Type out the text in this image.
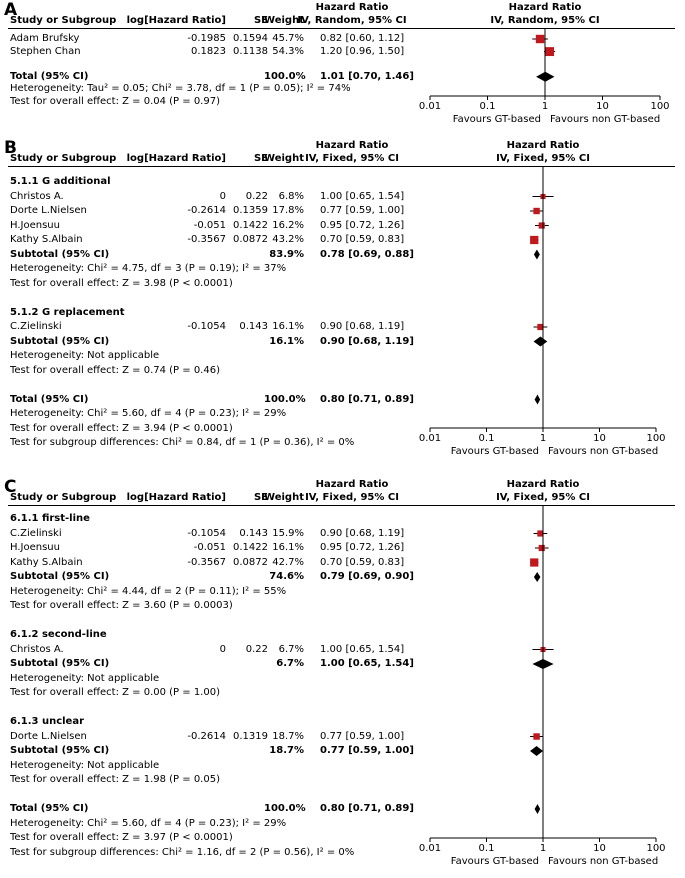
A	Hazard Ratio	Hazard Ratio
Study or Subgroup	log[Hazard Ratio]	SE
Weight
IV, Random, 95% CI	IV, Random, 95% CI
Adam Brufsky	-0.1985 0.1594 45.7% 0.82 [0.60, 1.12]
Stephen Chan	0.1823 0.1138 54.3% 1.20 [0.96, 1.50]
Total (95% CI)	100.0% 1.01 [0.70, 1.46]
Heterogeneity: Tau² = 0.05; Chi² = 3.78, df = 1 (P = 0.05); I² = 74%
Test for overall effect: Z = 0.04 (P = 0.97)	0.01	0.1	1	10	100
Favours GT-based Favours non GT-based
B	Hazard Ratio	Hazard Ratio
Study or Subgroup	log[Hazard Ratio]	SE
Weight IV, Fixed, 95% CI	IV, Fixed, 95% CI
5.1.1 G additional
Christos A.	0	0.22	6.8% 1.00 [0.65, 1.54]
Dorte L.Nielsen	-0.2614 0.1359 17.8% 0.77 [0.59, 1.00]
H.Joensuu	-0.051 0.1422 16.2% 0.95 [0.72, 1.26]
Kathy S.Albain	-0.3567 0.0872 43.2% 0.70 [0.59, 0.83]
Subtotal (95% CI)	83.9% 0.78 [0.69, 0.88]
Heterogeneity: Chi² = 4.75, df = 3 (P = 0.19); I² = 37%
Test for overall effect: Z = 3.98 (P < 0.0001)
5.1.2 G replacement
C.Zielinski	-0.1054	0.143 16.1% 0.90 [0.68, 1.19]
Subtotal (95% CI)	16.1% 0.90 [0.68, 1.19]
Heterogeneity: Not applicable
Test for overall effect: Z = 0.74 (P = 0.46)
Total (95% CI)	100.0% 0.80 [0.71, 0.89]
Heterogeneity: Chi² = 5.60, df = 4 (P = 0.23); I² = 29%
Test for overall effect: Z = 3.94 (P < 0.0001)
Test for subgroup differences: Chi² = 0.84, df = 1 (P = 0.36), I² = 0%	0.01	0.1	1	10	100
Favours GT-based Favours non GT-based
C	Hazard Ratio	Hazard Ratio
Study or Subgroup	log[Hazard Ratio]	SE
Weight IV, Fixed, 95% CI	IV, Fixed, 95% CI
6.1.1 first-line
C.Zielinski	-0.1054	0.143 15.9% 0.90 [0.68, 1.19]
H.Joensuu	-0.051 0.1422 16.1% 0.95 [0.72, 1.26]
Kathy S.Albain	-0.3567 0.0872 42.7% 0.70 [0.59, 0.83]
Subtotal (95% CI)	74.6% 0.79 [0.69, 0.90]
Heterogeneity: Chi² = 4.44, df = 2 (P = 0.11); I² = 55%
Test for overall effect: Z = 3.60 (P = 0.0003)
6.1.2 second-line
Christos A.	0	0.22	6.7% 1.00 [0.65, 1.54]
Subtotal (95% CI)	6.7% 1.00 [0.65, 1.54]
Heterogeneity: Not applicable
Test for overall effect: Z = 0.00 (P = 1.00)
6.1.3 unclear
Dorte L.Nielsen	-0.2614 0.1319 18.7% 0.77 [0.59, 1.00]
Subtotal (95% CI)	18.7% 0.77 [0.59, 1.00]
Heterogeneity: Not applicable
Test for overall effect: Z = 1.98 (P = 0.05)
Total (95% CI)	100.0% 0.80 [0.71, 0.89]
Heterogeneity: Chi² = 5.60, df = 4 (P = 0.23); I² = 29%
Test for overall effect: Z = 3.97 (P < 0.0001)
Test for subgroup differences: Chi² = 1.16, df = 2 (P = 0.56), I² = 0%	0.01	0.1	1	10	100
Favours GT-based Favours non GT-based
